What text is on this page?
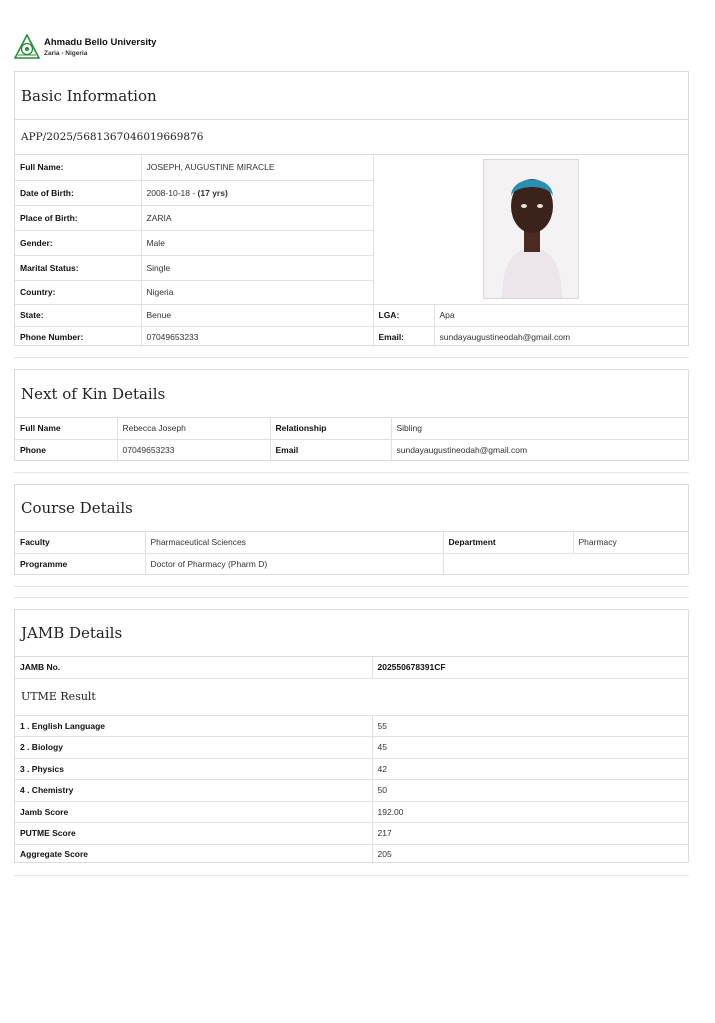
Ahmadu Bello University
Zaria - Nigeria
Basic Information
APP/2025/5681367046019669876
Full Name:	JOSEPH, AUGUSTINE MIRACLE	
Date of Birth:	2008-10-18 - (17 yrs)		
Place of Birth:	ZARIA		
Gender:	Male		
Marital Status:	Single		
Country:	Nigeria		
State:	Benue	LGA:	Apa
Phone Number:	07049653233	Email:	sundayaugustineodah@gmail.com
Next of Kin Details
Full Name	Rebecca Joseph	Relationship	Sibling
Phone	07049653233	Email	sundayaugustineodah@gmail.com
Course Details
Faculty	Pharmaceutical Sciences	Department	Pharmacy
Programme	Doctor of Pharmacy (Pharm D)		
JAMB Details
JAMB No.	202550678391CF
UTME Result	
1 . English Language	55
2 . Biology	45
3 . Physics	42
4 . Chemistry	50
Jamb Score	192.00
PUTME Score	217
Aggregate Score	205
